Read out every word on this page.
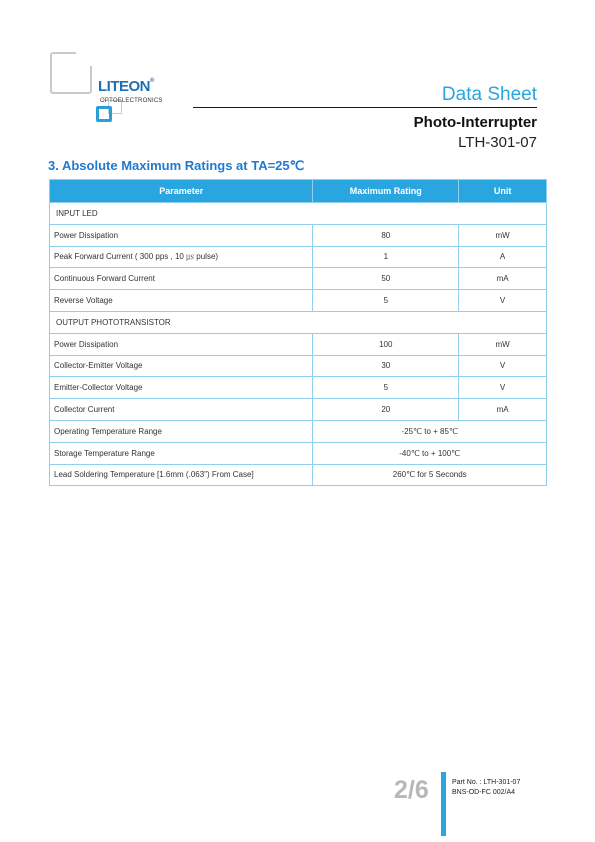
LITEON®
OPTOELECTRONICS	Data Sheet
Photo-Interrupter
LTH-301-07
3. Absolute Maximum Ratings at TA=25℃
Parameter	Maximum Rating	Unit
INPUT LED		
Power Dissipation	80	mW
Peak Forward Current ( 300 pps , 10 ㎲ pulse)	1	A
Continuous Forward Current	50	mA
Reverse Voltage	5	V
OUTPUT PHOTOTRANSISTOR		
Power Dissipation	100	mW
Collector-Emitter Voltage	30	V
Emitter-Collector Voltage	5	V
Collector Current	20	mA
Operating Temperature Range	-25℃ to + 85℃	
Storage Temperature Range	-40℃ to + 100℃	
Lead Soldering Temperature [1.6mm (.063") From Case]	260℃ for 5 Seconds	
2/6	Part No. : LTH-301-07
BNS-OD-FC 002/A4
